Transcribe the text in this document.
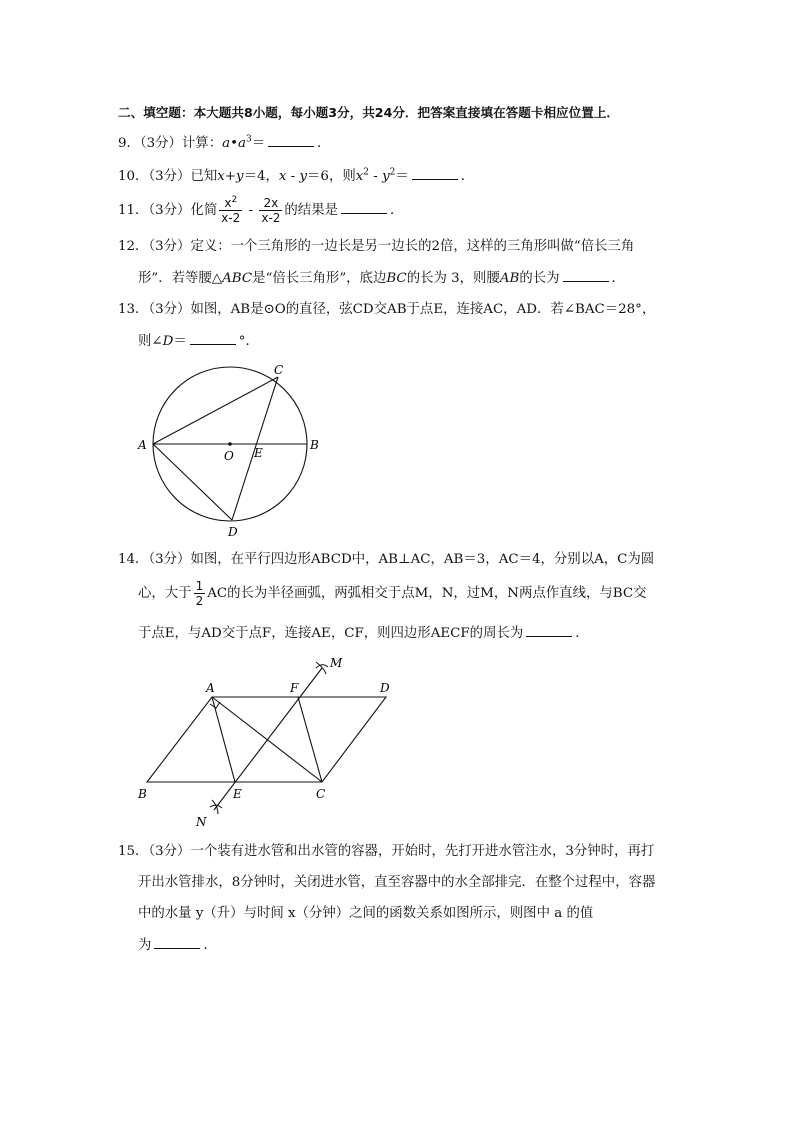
二、填空题：本大题共8小题，每小题3分，共24分．把答案直接填在答题卡相应位置上．
9．（3分）计算：$a•a^3=$	．
10．（3分）已知x+y＝4，x - y＝6，则$x^2 - y^2=$	．
11．（3分）化简 $\frac{x^2}{x-2} - \frac{2x}{x-2}$ 的结果是	．
12．（3分）定义：一个三角形的一边长是另一边长的2倍，这样的三角形叫做“倍长三角
形”．若等腰△ABC是“倍长三角形”，底边BC的长为 3，则腰AB的长为	．
13．（3分）如图，AB是⊙O的直径，弦CD交AB于点E，连接AC，AD．若∠BAC＝28°，
则∠D＝	°．
A	B
C
D
O E
14．（3分）如图，在平行四边形ABCD中，AB⊥AC，AB＝3，AC＝4，分别以A，C为圆
心，大于 $\frac{1}{2}$ AC的长为半径画弧，两弧相交于点M，N，过M，N两点作直线，与BC交
于点E，与AD交于点F，连接AE，CF，则四边形AECF的周长为	．
A
B	C
D
E
F
M
N
15．（3分）一个装有进水管和出水管的容器，开始时，先打开进水管注水，3分钟时，再打
开出水管排水，8分钟时，关闭进水管，直至容器中的水全部排完．在整个过程中，容器
中的水量 y（升）与时间 x（分钟）之间的函数关系如图所示，则图中 a 的值
为	．
